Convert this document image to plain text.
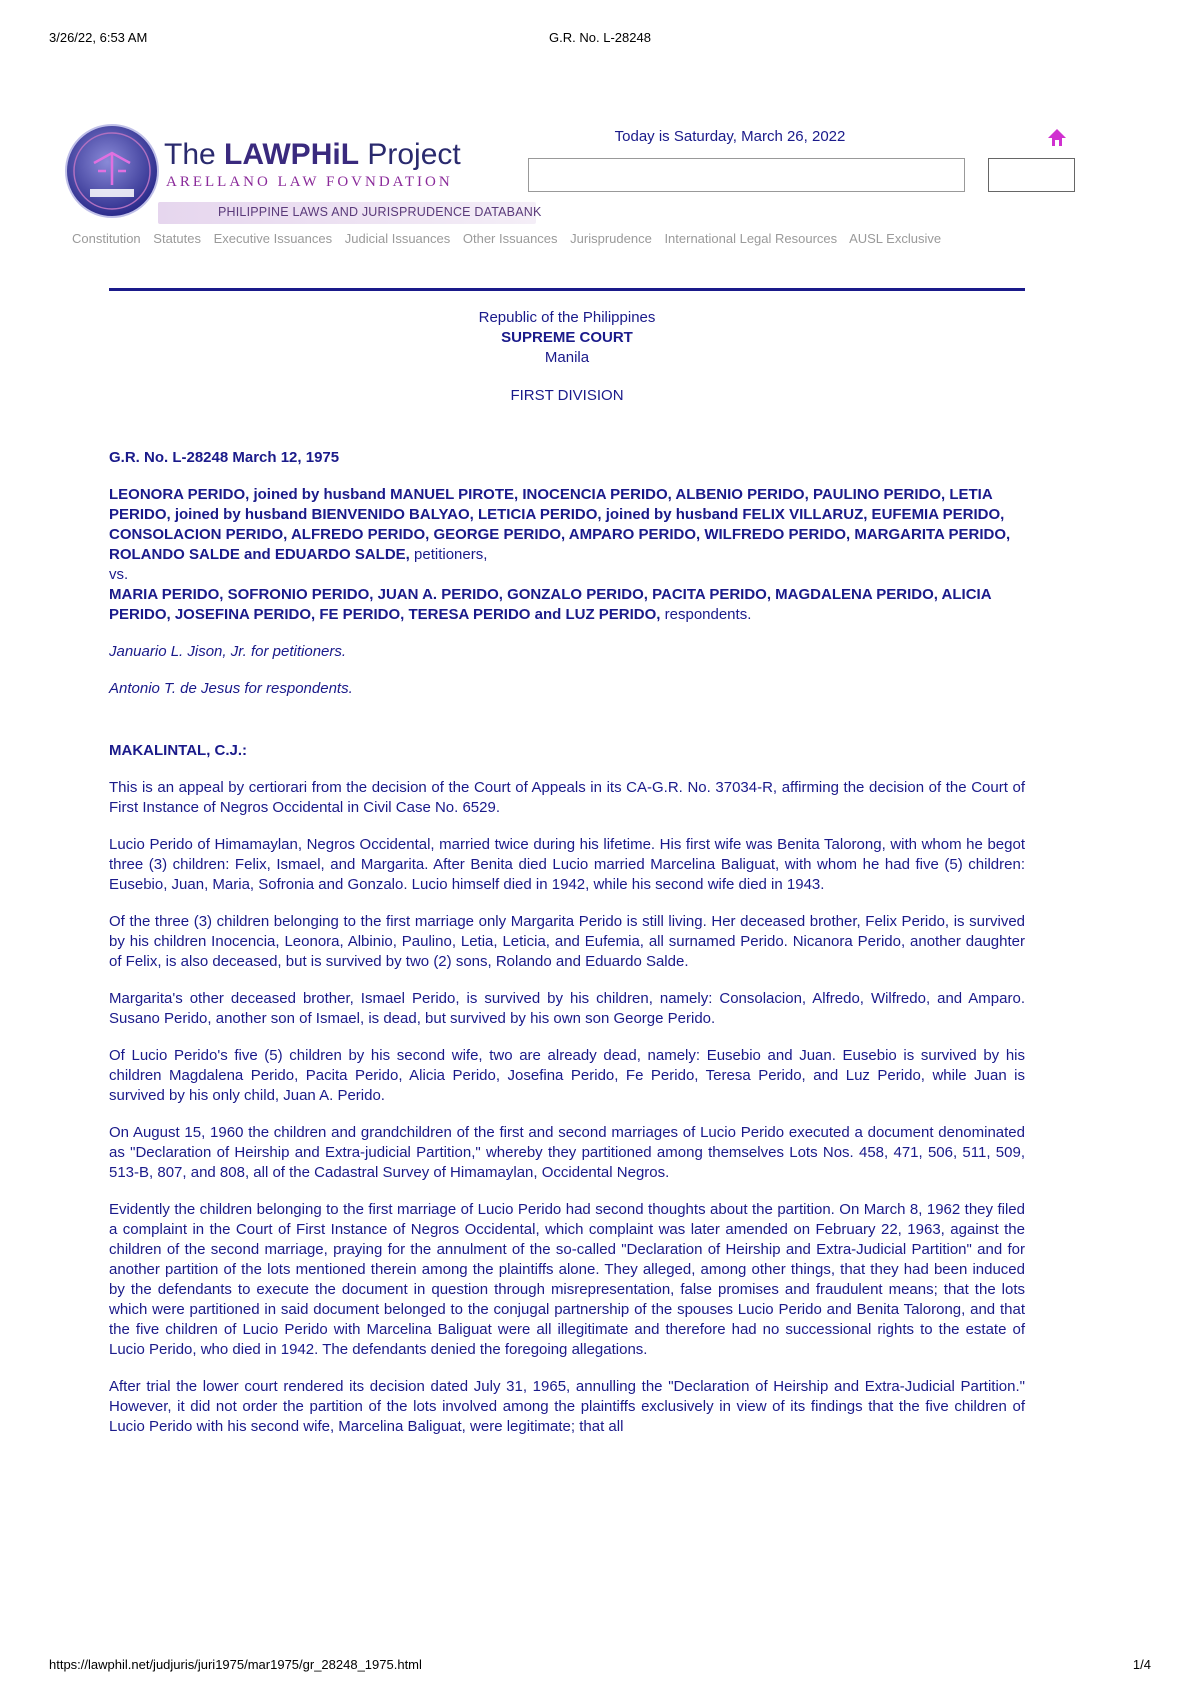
3/26/22, 6:53 AM	G.R. No. L-28248
The LAWPHiL Project
ARELLANO LAW FOVNDATION
PHILIPPINE LAWS AND JURISPRUDENCE DATABANK
Today is Saturday, March 26, 2022
Constitution Statutes Executive Issuances Judicial Issuances Other Issuances Jurisprudence International Legal Resources AUSL Exclusive
Republic of the Philippines
SUPREME COURT
Manila
FIRST DIVISION

G.R. No. L-28248 March 12, 1975

LEONORA PERIDO, joined by husband MANUEL PIROTE, INOCENCIA PERIDO, ALBENIO PERIDO, PAULINO PERIDO, LETIA PERIDO, joined by husband BIENVENIDO BALYAO, LETICIA PERIDO, joined by husband FELIX VILLARUZ, EUFEMIA PERIDO, CONSOLACION PERIDO, ALFREDO PERIDO, GEORGE PERIDO, AMPARO PERIDO, WILFREDO PERIDO, MARGARITA PERIDO, ROLANDO SALDE and EDUARDO SALDE, petitioners,
vs.
MARIA PERIDO, SOFRONIO PERIDO, JUAN A. PERIDO, GONZALO PERIDO, PACITA PERIDO, MAGDALENA PERIDO, ALICIA PERIDO, JOSEFINA PERIDO, FE PERIDO, TERESA PERIDO and LUZ PERIDO, respondents.

Januario L. Jison, Jr. for petitioners.

Antonio T. de Jesus for respondents.

MAKALINTAL, C.J.:

This is an appeal by certiorari from the decision of the Court of Appeals in its CA-G.R. No. 37034-R, affirming the decision of the Court of First Instance of Negros Occidental in Civil Case No. 6529.

Lucio Perido of Himamaylan, Negros Occidental, married twice during his lifetime. His first wife was Benita Talorong, with whom he begot three (3) children: Felix, Ismael, and Margarita. After Benita died Lucio married Marcelina Baliguat, with whom he had five (5) children: Eusebio, Juan, Maria, Sofronia and Gonzalo. Lucio himself died in 1942, while his second wife died in 1943.

Of the three (3) children belonging to the first marriage only Margarita Perido is still living. Her deceased brother, Felix Perido, is survived by his children Inocencia, Leonora, Albinio, Paulino, Letia, Leticia, and Eufemia, all surnamed Perido. Nicanora Perido, another daughter of Felix, is also deceased, but is survived by two (2) sons, Rolando and Eduardo Salde.

Margarita's other deceased brother, Ismael Perido, is survived by his children, namely: Consolacion, Alfredo, Wilfredo, and Amparo. Susano Perido, another son of Ismael, is dead, but survived by his own son George Perido.

Of Lucio Perido's five (5) children by his second wife, two are already dead, namely: Eusebio and Juan. Eusebio is survived by his children Magdalena Perido, Pacita Perido, Alicia Perido, Josefina Perido, Fe Perido, Teresa Perido, and Luz Perido, while Juan is survived by his only child, Juan A. Perido.

On August 15, 1960 the children and grandchildren of the first and second marriages of Lucio Perido executed a document denominated as "Declaration of Heirship and Extra-judicial Partition," whereby they partitioned among themselves Lots Nos. 458, 471, 506, 511, 509, 513-B, 807, and 808, all of the Cadastral Survey of Himamaylan, Occidental Negros.

Evidently the children belonging to the first marriage of Lucio Perido had second thoughts about the partition. On March 8, 1962 they filed a complaint in the Court of First Instance of Negros Occidental, which complaint was later amended on February 22, 1963, against the children of the second marriage, praying for the annulment of the so-called "Declaration of Heirship and Extra-Judicial Partition" and for another partition of the lots mentioned therein among the plaintiffs alone. They alleged, among other things, that they had been induced by the defendants to execute the document in question through misrepresentation, false promises and fraudulent means; that the lots which were partitioned in said document belonged to the conjugal partnership of the spouses Lucio Perido and Benita Talorong, and that the five children of Lucio Perido with Marcelina Baliguat were all illegitimate and therefore had no successional rights to the estate of Lucio Perido, who died in 1942. The defendants denied the foregoing allegations.

After trial the lower court rendered its decision dated July 31, 1965, annulling the "Declaration of Heirship and Extra-Judicial Partition." However, it did not order the partition of the lots involved among the plaintiffs exclusively in view of its findings that the five children of Lucio Perido with his second wife, Marcelina Baliguat, were legitimate; that all

https://lawphil.net/judjuris/juri1975/mar1975/gr_28248_1975.html	1/4
